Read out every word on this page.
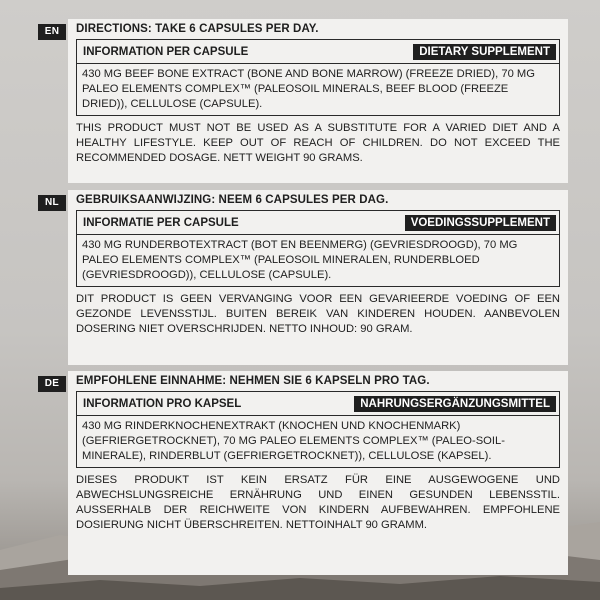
EN	DIRECTIONS: TAKE 6 CAPSULES PER DAY.
INFORMATION PER CAPSULE	DIETARY SUPPLEMENT
430 MG BEEF BONE EXTRACT (BONE AND BONE MARROW) (FREEZE DRIED), 70 MG PALEO ELEMENTS COMPLEX™ (PALEOSOIL MINERALS, BEEF BLOOD (FREEZE DRIED)), CELLULOSE (CAPSULE).
THIS PRODUCT MUST NOT BE USED AS A SUBSTITUTE FOR A VARIED DIET AND A HEALTHY LIFESTYLE. KEEP OUT OF REACH OF CHILDREN. DO NOT EXCEED THE RECOMMENDED DOSAGE. NETT WEIGHT 90 GRAMS.
NL	GEBRUIKSAANWIJZING: NEEM 6 CAPSULES PER DAG.
INFORMATIE PER CAPSULE	VOEDINGSSUPPLEMENT
430 MG RUNDERBOTEXTRACT (BOT EN BEENMERG) (GEVRIESDROOGD), 70 MG PALEO ELEMENTS COMPLEX™ (PALEOSOIL MINERALEN, RUNDERBLOED (GEVRIESDROOGD)), CELLULOSE (CAPSULE).
DIT PRODUCT IS GEEN VERVANGING VOOR EEN GEVARIEERDE VOEDING OF EEN GEZONDE LEVENSSTIJL. BUITEN BEREIK VAN KINDEREN HOUDEN. AANBEVOLEN DOSERING NIET OVERSCHRIJDEN. NETTO INHOUD: 90 GRAM.
DE	EMPFOHLENE EINNAHME: NEHMEN SIE 6 KAPSELN PRO TAG.
INFORMATION PRO KAPSEL	NAHRUNGSERGÄNZUNGSMITTEL
430 MG RINDERKNOCHENEXTRAKT (KNOCHEN UND KNOCHENMARK) (GEFRIERGETROCKNET), 70 MG PALEO ELEMENTS COMPLEX™ (PALEO-SOIL-MINERALE), RINDERBLUT (GEFRIERGETROCKNET)), CELLULOSE (KAPSEL).
DIESES PRODUKT IST KEIN ERSATZ FÜR EINE AUSGEWOGENE UND ABWECHSLUNGSREICHE ERNÄHRUNG UND EINEN GESUNDEN LEBENSSTIL. AUSSERHALB DER REICHWEITE VON KINDERN AUFBEWAHREN. EMPFOHLENE DOSIERUNG NICHT ÜBERSCHREITEN. NETTOINHALT 90 GRAMM.
